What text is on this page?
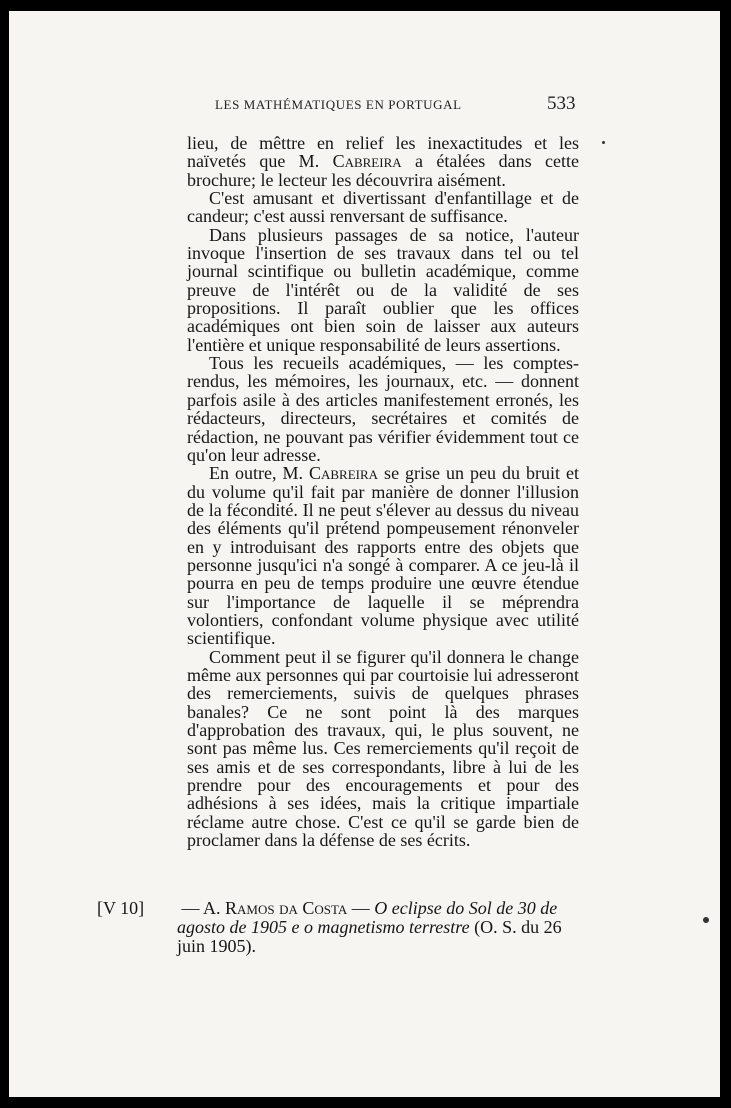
LES MATHÉMATIQUES EN PORTUGAL	533

lieu, de mêttre en relief les inexactitudes et les naïvetés que M. Cabreira a étalées dans cette brochure; le lecteur les découvrira aisément.

C'est amusant et divertissant d'enfantillage et de candeur; c'est aussi renversant de suffisance.

Dans plusieurs passages de sa notice, l'auteur invoque l'insertion de ses travaux dans tel ou tel journal scintifique ou bulletin académique, comme preuve de l'intérêt ou de la validité de ses propositions. Il paraît oublier que les offices académiques ont bien soin de laisser aux auteurs l'entière et unique responsabilité de leurs assertions.

Tous les recueils académiques, — les comptes-rendus, les mémoires, les journaux, etc. — donnent parfois asile à des articles manifestement erronés, les rédacteurs, directeurs, secrétaires et comités de rédaction, ne pouvant pas vérifier évidemment tout ce qu'on leur adresse.

En outre, M. Cabreira se grise un peu du bruit et du volume qu'il fait par manière de donner l'illusion de la fécondité. Il ne peut s'élever au dessus du niveau des éléments qu'il prétend pompeusement rénonveler en y introduisant des rapports entre des objets que personne jusqu'ici n'a songé à comparer. A ce jeu-là il pourra en peu de temps produire une œuvre étendue sur l'importance de laquelle il se méprendra volontiers, confondant volume physique avec utilité scientifique.

Comment peut il se figurer qu'il donnera le change même aux personnes qui par courtoisie lui adresseront des remerciements, suivis de quelques phrases banales? Ce ne sont point là des marques d'approbation des travaux, qui, le plus souvent, ne sont pas même lus. Ces remerciements qu'il reçoit de ses amis et de ses correspondants, libre à lui de les prendre pour des encouragements et pour des adhésions à ses idées, mais la critique impartiale réclame autre chose. C'est ce qu'il se garde bien de proclamer dans la défense de ses écrits.

[V 10] — A. Ramos da Costa — O eclipse do Sol de 30 de agosto de 1905 e o magnetismo terrestre (O. S. du 26 juin 1905).
